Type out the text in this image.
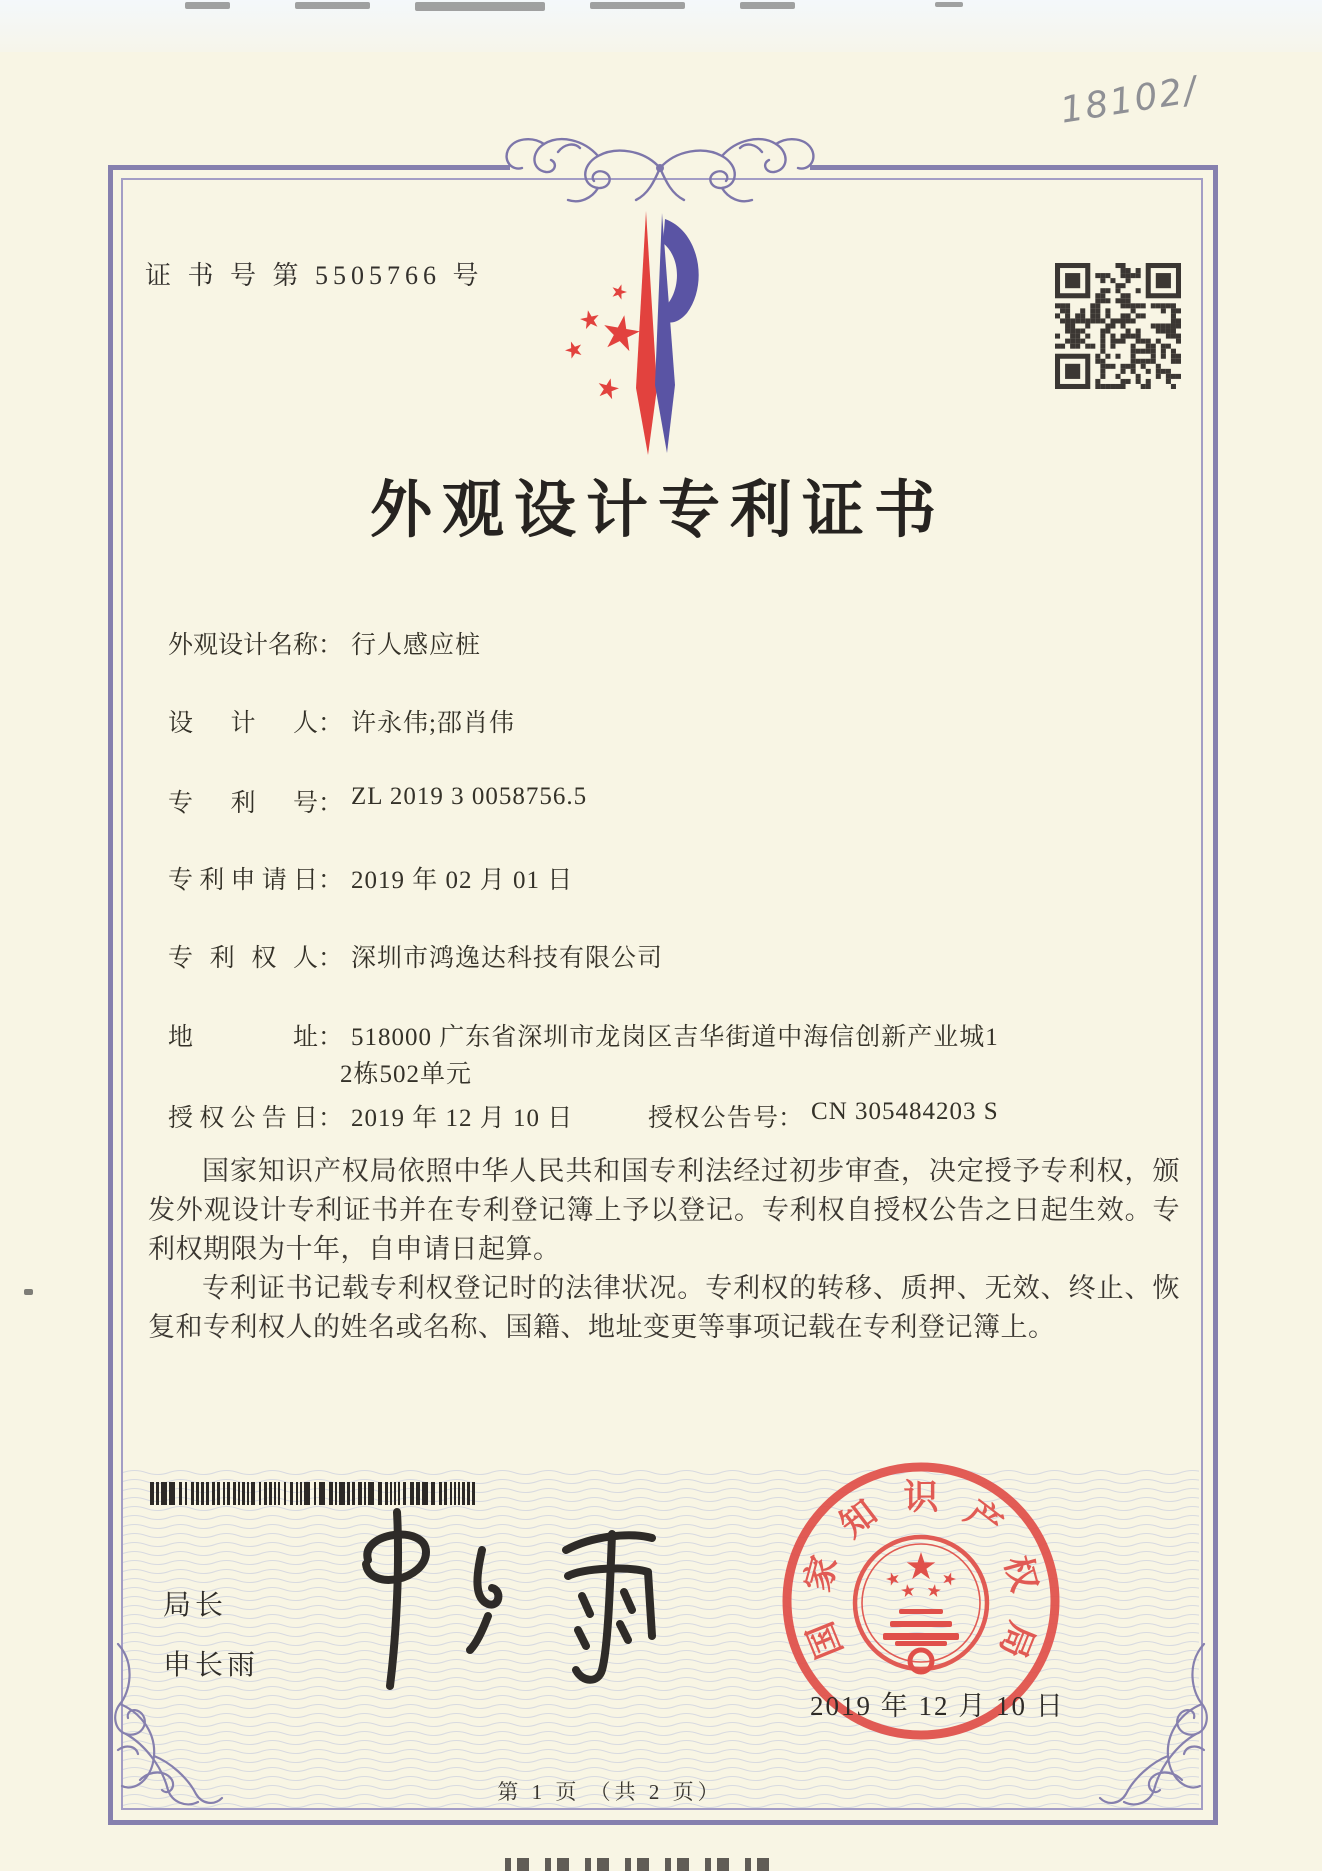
证 书 号 第 5505766 号
18102/
外观设计专利证书
外观设计名称： 行人感应桩
设计人： 许永伟;邵肖伟
专利号： ZL 2019 3 0058756.5
专利申请日： 2019 年 02 月 01 日
专利权人： 深圳市鸿逸达科技有限公司
地址： 518000 广东省深圳市龙岗区吉华街道中海信创新产业城1
2栋502单元
授权公告日： 2019 年 12 月 10 日	授权公告号： CN 305484203 S

国家知识产权局依照中华人民共和国专利法经过初步审查，决定授予专利权，颁发外观设计专利证书并在专利登记簿上予以登记。专利权自授权公告之日起生效。专利权期限为十年，自申请日起算。

专利证书记载专利权登记时的法律状况。专利权的转移、质押、无效、终止、恢复和专利权人的姓名或名称、国籍、地址变更等事项记载在专利登记簿上。

局长
申长雨
国
家
知 识 产
权
局
2019 年 12 月 10 日
第 1 页 （共 2 页）
